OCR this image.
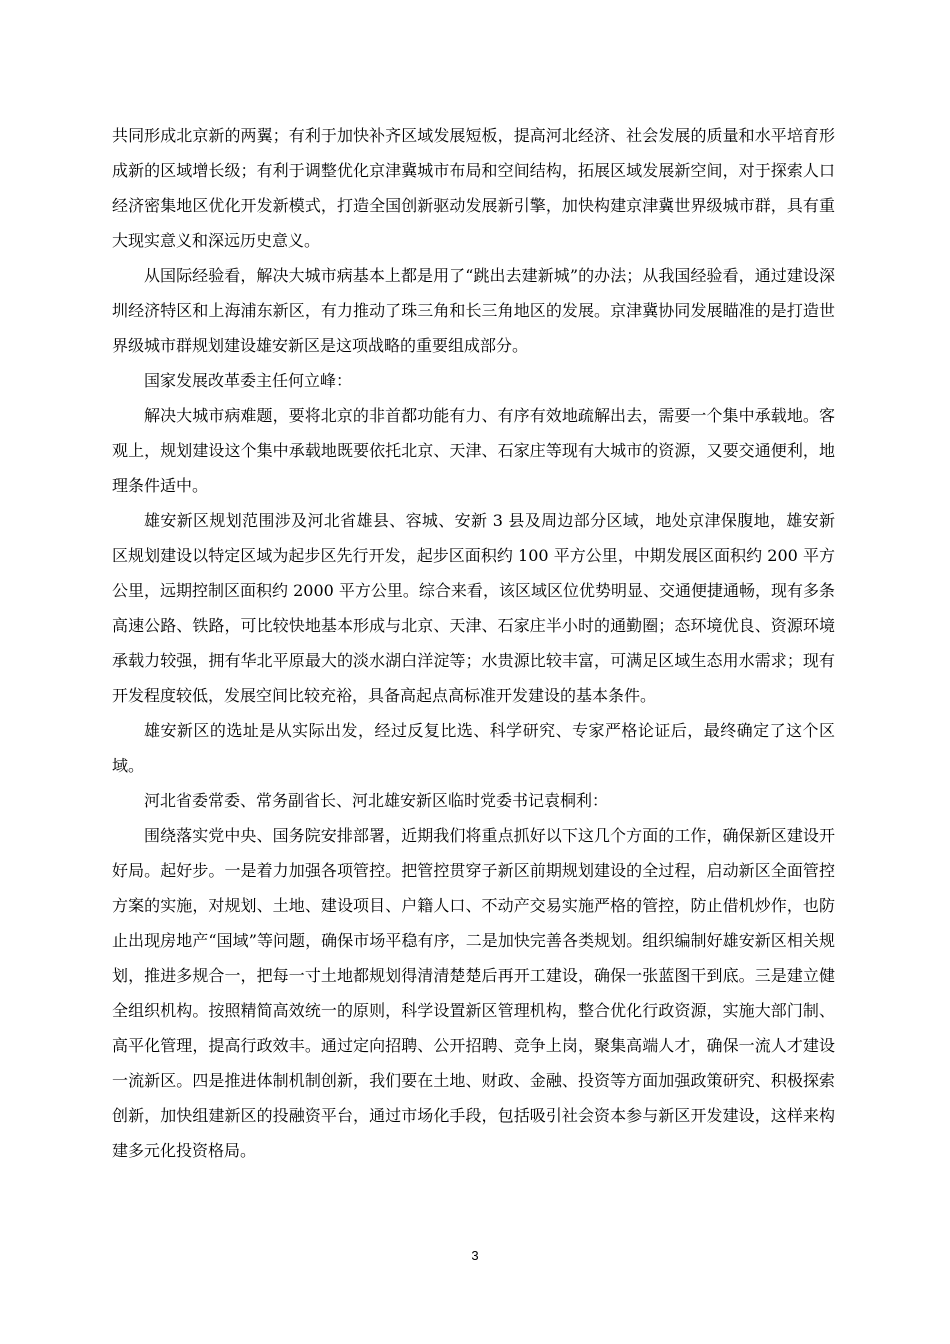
共同形成北京新的两翼；有利于加快补齐区域发展短板，提高河北经济、社会发展的质量和水平培育形成新的区域增长级；有利于调整优化京津冀城市布局和空间结构，拓展区域发展新空间，对于探索人口经济密集地区优化开发新模式，打造全国创新驱动发展新引擎，加快构建京津冀世界级城市群，具有重大现实意义和深远历史意义。

从国际经验看，解决大城市病基本上都是用了“跳出去建新城”的办法；从我国经验看，通过建设深圳经济特区和上海浦东新区，有力推动了珠三角和长三角地区的发展。京津冀协同发展瞄准的是打造世界级城市群规划建设雄安新区是这项战略的重要组成部分。

国家发展改革委主任何立峰：

解决大城市病难题，要将北京的非首都功能有力、有序有效地疏解出去，需要一个集中承载地。客观上，规划建设这个集中承载地既要依托北京、天津、石家庄等现有大城市的资源，又要交通便利，地理条件适中。

雄安新区规划范围涉及河北省雄县、容城、安新 3 县及周边部分区域，地处京津保腹地，雄安新区规划建设以特定区域为起步区先行开发，起步区面积约 100 平方公里，中期发展区面积约 200 平方公里，远期控制区面积约 2000 平方公里。综合来看，该区域区位优势明显、交通便捷通畅，现有多条高速公路、铁路，可比较快地基本形成与北京、天津、石家庄半小时的通勤圈；态环境优良、资源环境承载力较强，拥有华北平原最大的淡水湖白洋淀等；水贵源比较丰富，可满足区域生态用水需求；现有开发程度较低，发展空间比较充裕，具备高起点高标准开发建设的基本条件。

雄安新区的选址是从实际出发，经过反复比选、科学研究、专家严格论证后，最终确定了这个区域。

河北省委常委、常务副省长、河北雄安新区临时党委书记袁桐利：

围绕落实党中央、国务院安排部署，近期我们将重点抓好以下这几个方面的工作，确保新区建设开好局。起好步。一是着力加强各项管控。把管控贯穿子新区前期规划建设的全过程，启动新区全面管控方案的实施，对规划、土地、建设项目、户籍人口、不动产交易实施严格的管控，防止借机炒作，也防止出现房地产“国域”等问题，确保市场平稳有序，二是加快完善各类规划。组织编制好雄安新区相关规划，推进多规合一，把每一寸土地都规划得清清楚楚后再开工建设，确保一张蓝图干到底。三是建立健全组织机构。按照精简高效统一的原则，科学设置新区管理机构，整合优化行政资源，实施大部门制、高平化管理，提高行政效丰。通过定向招聘、公开招聘、竞争上岗，聚集高端人才，确保一流人才建设一流新区。四是推进体制机制创新，我们要在土地、财政、金融、投资等方面加强政策研究、积极探索创新，加快组建新区的投融资平台，通过市场化手段，包括吸引社会资本参与新区开发建设，这样来构建多元化投资格局。

3
